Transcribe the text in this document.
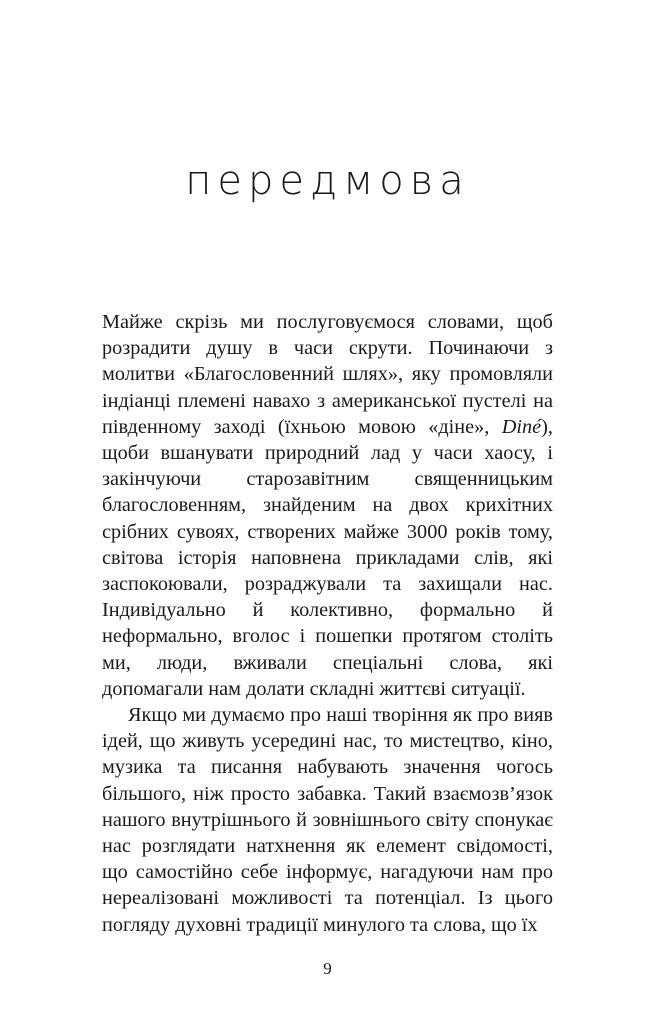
передмова

Майже скрізь ми послуговуємося словами, щоб розрадити душу в часи скрути. Починаючи з молитви «Благословенний шлях», яку промовляли індіанці племені навахо з американської пустелі на південному заході (їхньою мовою «діне», Diné), щоби вшанувати природний лад у часи хаосу, і закінчуючи старозавітним священницьким благословенням, знайденим на двох крихітних срібних сувоях, створених майже 3000 років тому, світова історія наповнена прикладами слів, які заспокоювали, розраджували та захищали нас. Індивідуально й колективно, формально й неформально, вголос і пошепки протягом століть ми, люди, вживали спеціальні слова, які допомагали нам долати складні життєві ситуації.

Якщо ми думаємо про наші творіння як про вияв ідей, що живуть усередині нас, то мистецтво, кіно, музика та писання набувають значення чогось більшого, ніж просто забавка. Такий взаємозв’язок нашого внутрішнього й зовнішнього світу спонукає нас розглядати натхнення як елемент свідомості, що самостійно себе інформує, нагадуючи нам про нереалізовані можливості та потенціал. Із цього погляду духовні традиції минулого та слова, що їх

9
